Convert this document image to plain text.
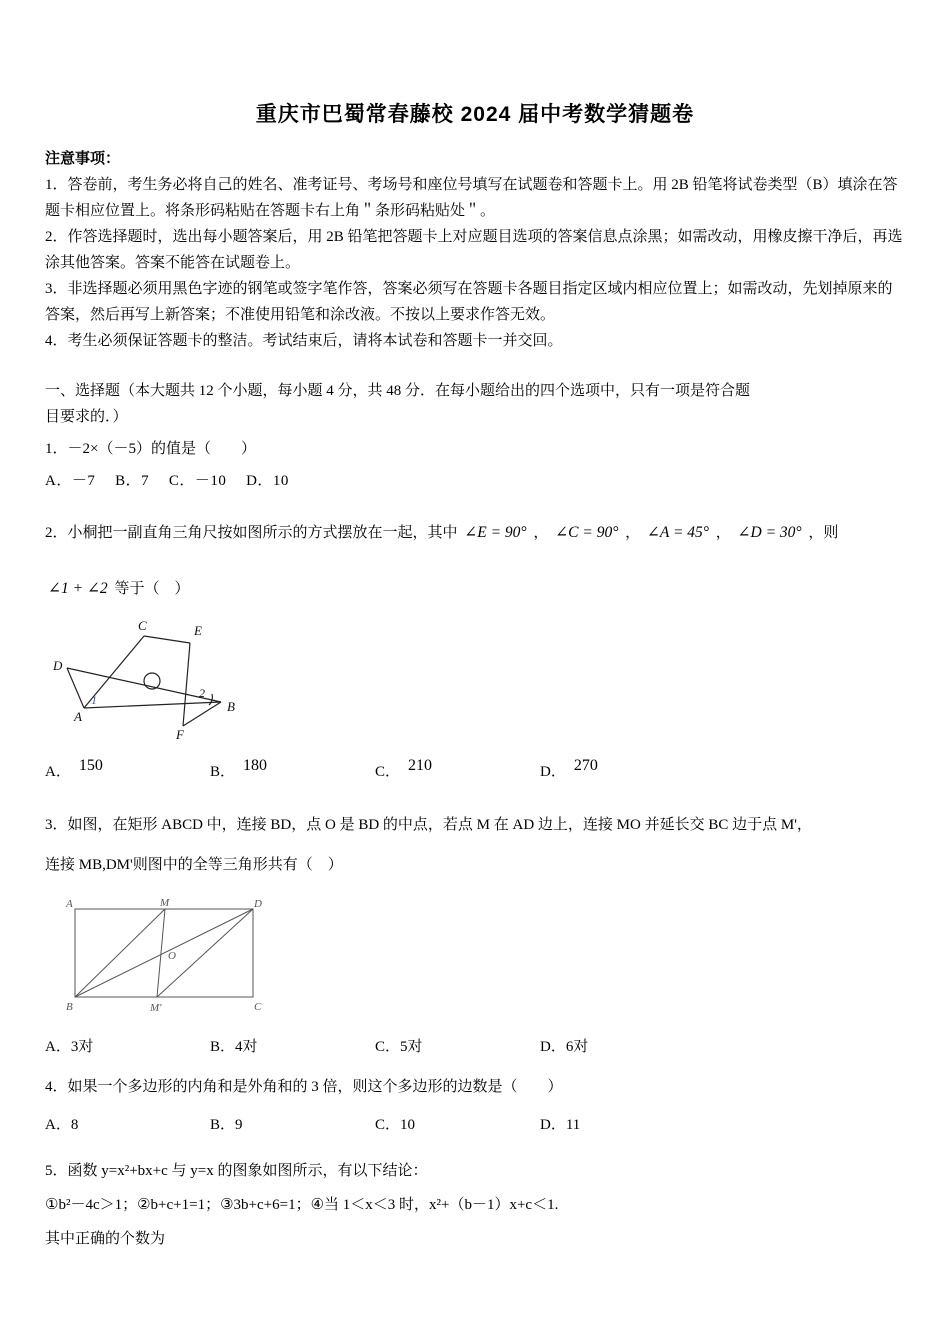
重庆市巴蜀常春藤校 2024 届中考数学猜题卷

注意事项：

1．答卷前，考生务必将自己的姓名、准考证号、考场号和座位号填写在试题卷和答题卡上。用 2B 铅笔将试卷类型（B）填涂在答题卡相应位置上。将条形码粘贴在答题卡右上角＂条形码粘贴处＂。

2．作答选择题时，选出每小题答案后，用 2B 铅笔把答题卡上对应题目选项的答案信息点涂黑；如需改动，用橡皮擦干净后，再选涂其他答案。答案不能答在试题卷上。

3．非选择题必须用黑色字迹的钢笔或签字笔作答，答案必须写在答题卡各题目指定区域内相应位置上；如需改动，先划掉原来的答案，然后再写上新答案；不准使用铅笔和涂改液。不按以上要求作答无效。

4．考生必须保证答题卡的整洁。考试结束后，请将本试卷和答题卡一并交回。

一、选择题（本大题共 12 个小题，每小题 4 分，共 48 分．在每小题给出的四个选项中，只有一项是符合题目要求的．）

1．－2×（－5）的值是（　　）

A．－7　 B．7　 C．－10　 D．10

2．小桐把一副直角三角尺按如图所示的方式摆放在一起，其中 ∠E = 90° ， ∠C = 90° ， ∠A = 45° ， ∠D = 30° ，则

∠1 + ∠2 等于（　）

D
C	E
A
B
F
1	2
A． 150	B． 180	C． 210	D． 270

3．如图，在矩形 ABCD 中，连接 BD，点 O 是 BD 的中点，若点 M 在 AD 边上，连接 MO 并延长交 BC 边于点 M'，
连接 MB,DM'则图中的全等三角形共有（　）

A	M	D
O
B	M'	C
A．3对	B．4对	C．5对	D．6对

4．如果一个多边形的内角和是外角和的 3 倍，则这个多边形的边数是（　　）

A．8	B．9	C．10	D．11

5．函数 y=x²+bx+c 与 y=x 的图象如图所示，有以下结论：

①b²－4c＞1；②b+c+1=1；③3b+c+6=1；④当 1＜x＜3 时，x²+（b－1）x+c＜1.

其中正确的个数为
